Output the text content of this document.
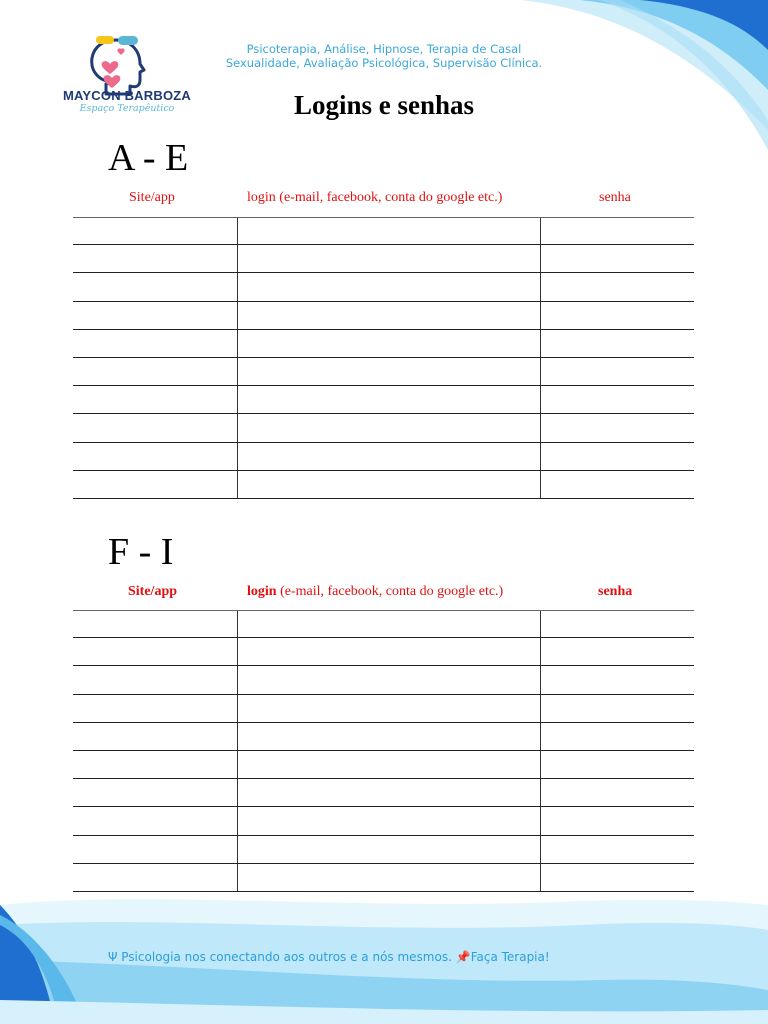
MAYCON BARBOZA
Espaço Terapêutico
Psicoterapia, Análise, Hipnose, Terapia de Casal
Sexualidade, Avaliação Psicológica, Supervisão Clínica.
Logins e senhas
A - E
Site/app	login (e-mail, facebook, conta do google etc.)	senha
F - I
Site/app	login (e-mail, facebook, conta do google etc.)	senha
Ψ Psicologia nos conectando aos outros e a nós mesmos. 📌Faça Terapia!
